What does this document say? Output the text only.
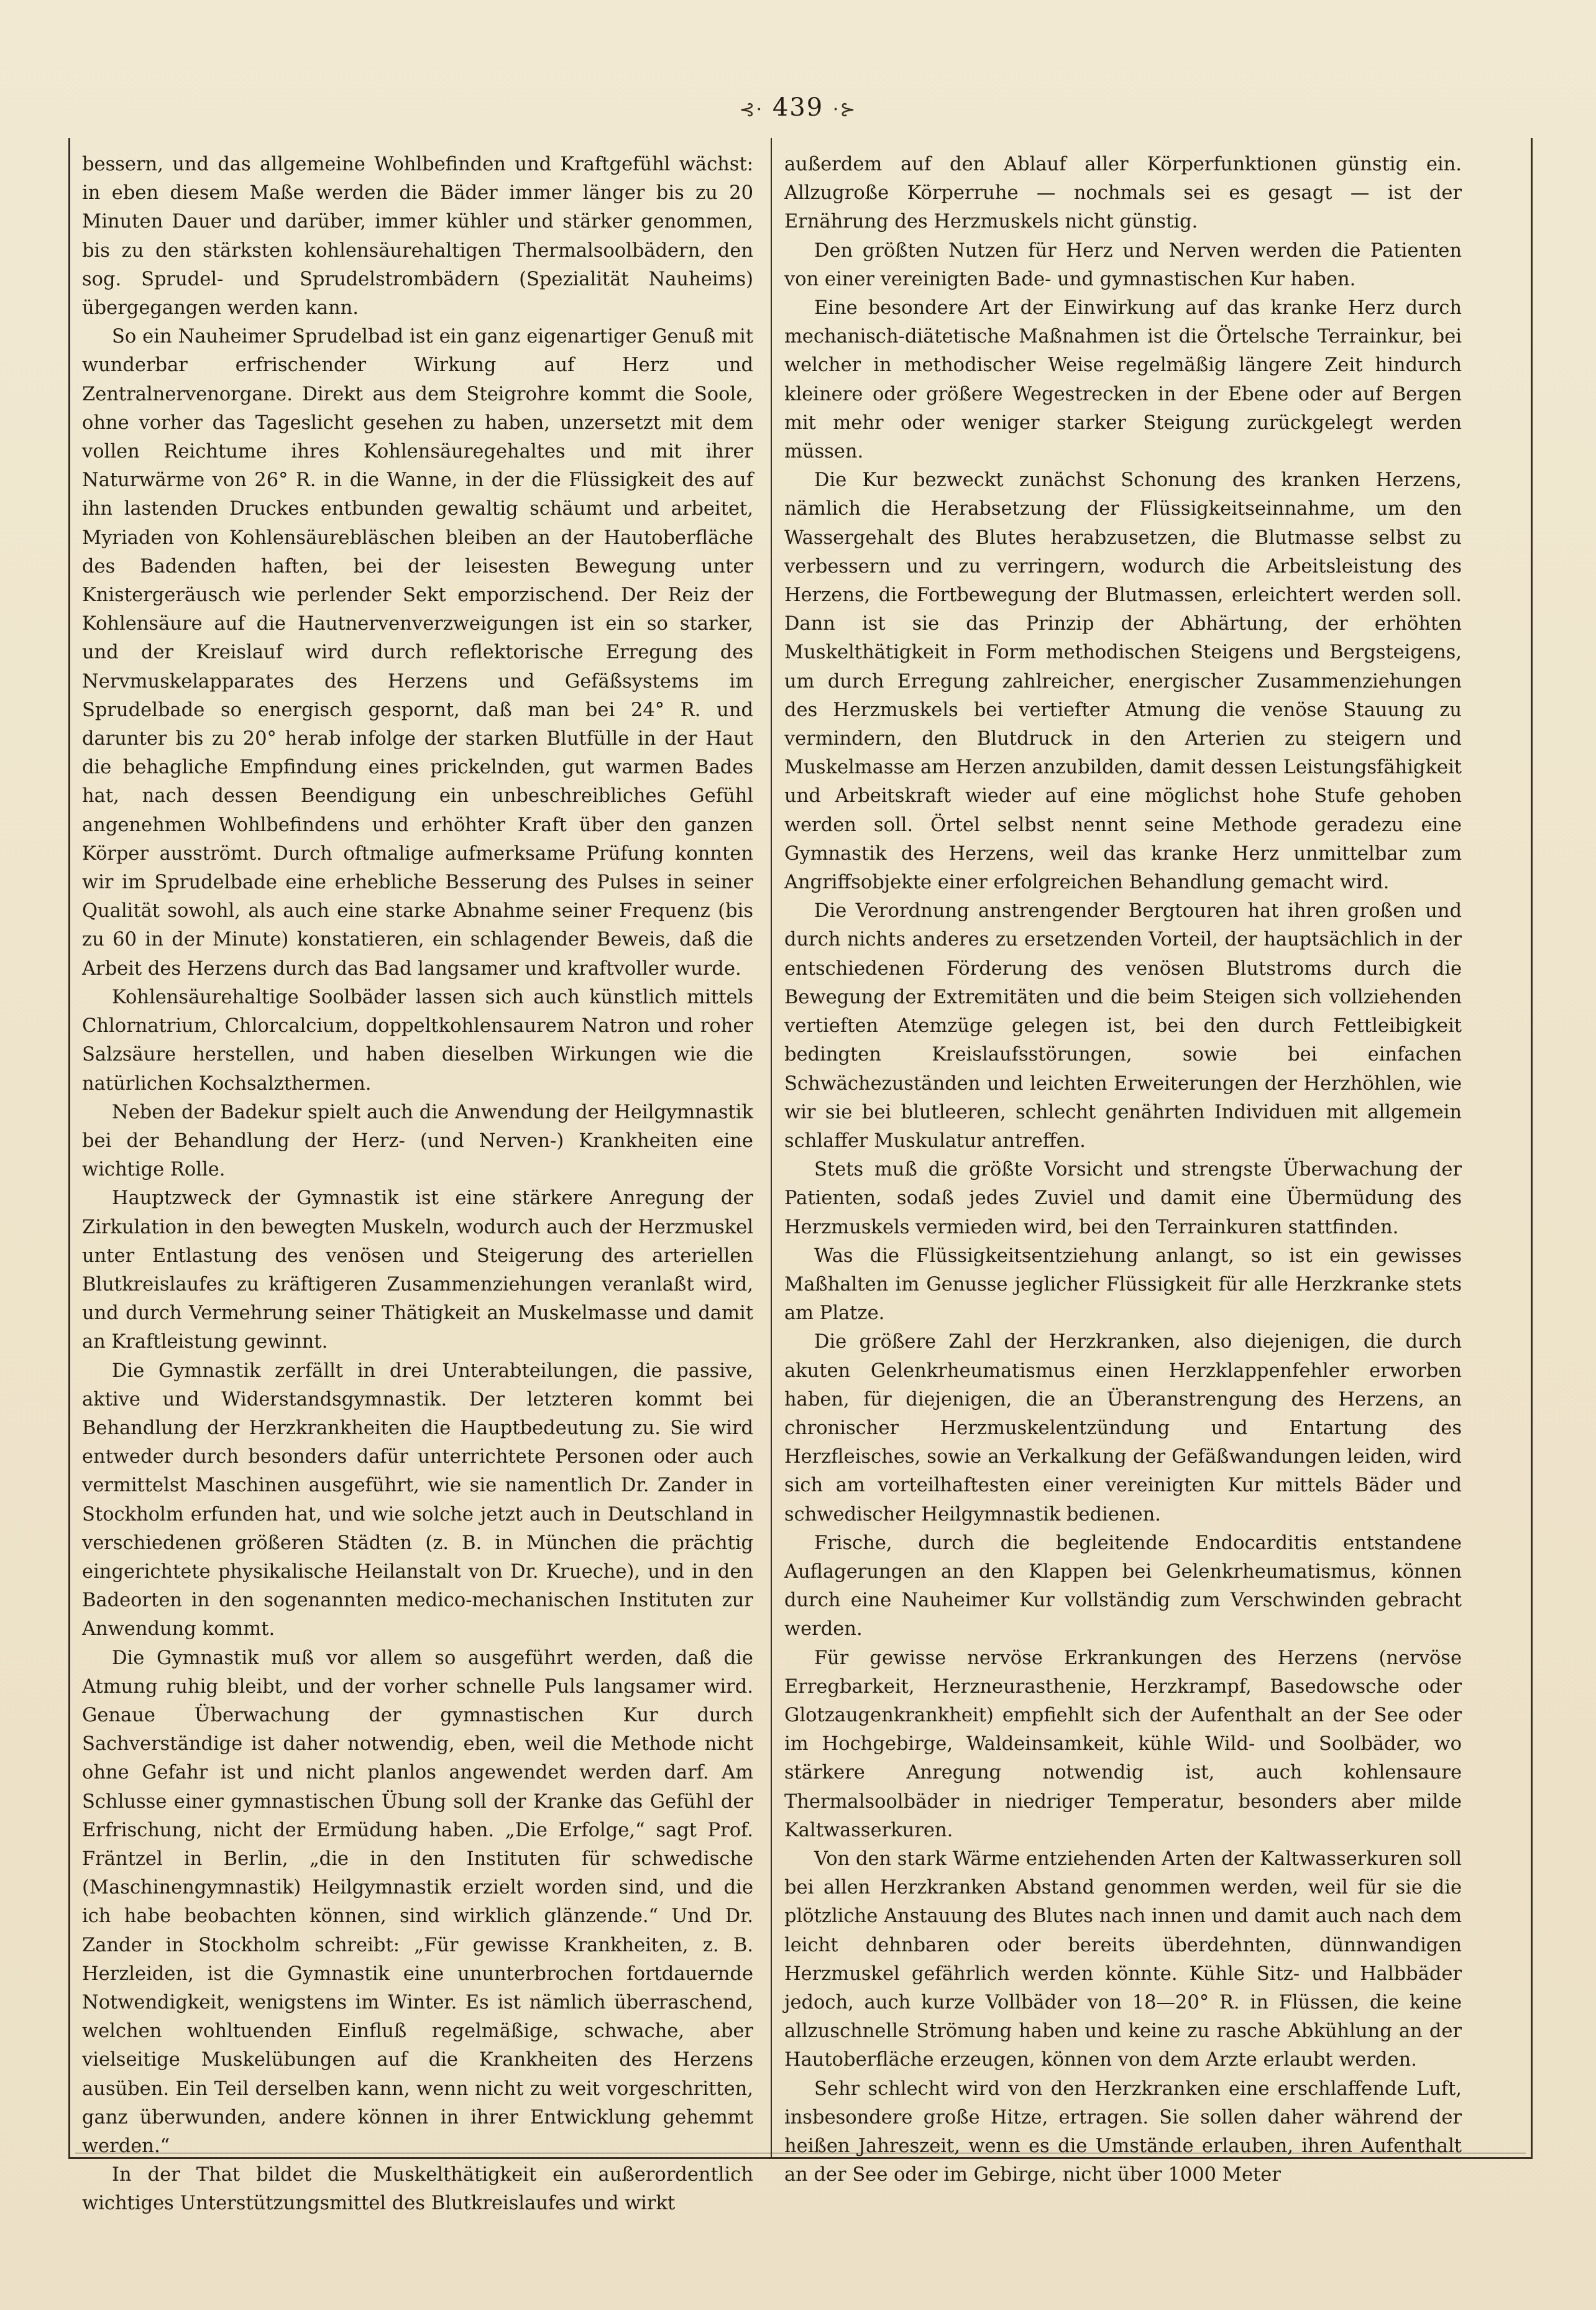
⊰· 439 ·⊱

bessern, und das allgemeine Wohlbefinden und Kraftgefühl wächst: in eben diesem Maße werden die Bäder immer länger bis zu 20 Minuten Dauer und darüber, immer kühler und stärker genommen, bis zu den stärksten kohlensäurehaltigen Thermalsoolbädern, den sog. Sprudel- und Sprudelstrombädern (Spezialität Nauheims) übergegangen werden kann.

So ein Nauheimer Sprudelbad ist ein ganz eigenartiger Genuß mit wunderbar erfrischender Wirkung auf Herz und Zentralnervenorgane. Direkt aus dem Steigrohre kommt die Soole, ohne vorher das Tageslicht gesehen zu haben, unzersetzt mit dem vollen Reichtume ihres Kohlensäuregehaltes und mit ihrer Naturwärme von 26° R. in die Wanne, in der die Flüssigkeit des auf ihn lastenden Druckes entbunden gewaltig schäumt und arbeitet, Myriaden von Kohlensäurebläschen bleiben an der Hautoberfläche des Badenden haften, bei der leisesten Bewegung unter Knistergeräusch wie perlender Sekt emporzischend. Der Reiz der Kohlensäure auf die Hautnervenverzweigungen ist ein so starker, und der Kreislauf wird durch reflektorische Erregung des Nervmuskelapparates des Herzens und Gefäßsystems im Sprudelbade so energisch gespornt, daß man bei 24° R. und darunter bis zu 20° herab infolge der starken Blutfülle in der Haut die behagliche Empfindung eines prickelnden, gut warmen Bades hat, nach dessen Beendigung ein unbeschreibliches Gefühl angenehmen Wohlbefindens und erhöhter Kraft über den ganzen Körper ausströmt. Durch oftmalige aufmerksame Prüfung konnten wir im Sprudelbade eine erhebliche Besserung des Pulses in seiner Qualität sowohl, als auch eine starke Abnahme seiner Frequenz (bis zu 60 in der Minute) konstatieren, ein schlagender Beweis, daß die Arbeit des Herzens durch das Bad langsamer und kraftvoller wurde.

Kohlensäurehaltige Soolbäder lassen sich auch künstlich mittels Chlornatrium, Chlorcalcium, doppeltkohlensaurem Natron und roher Salzsäure herstellen, und haben dieselben Wirkungen wie die natürlichen Kochsalzthermen.

Neben der Badekur spielt auch die Anwendung der Heilgymnastik bei der Behandlung der Herz- (und Nerven-) Krankheiten eine wichtige Rolle.

Hauptzweck der Gymnastik ist eine stärkere Anregung der Zirkulation in den bewegten Muskeln, wodurch auch der Herzmuskel unter Entlastung des venösen und Steigerung des arteriellen Blutkreislaufes zu kräftigeren Zusammenziehungen veranlaßt wird, und durch Vermehrung seiner Thätigkeit an Muskelmasse und damit an Kraftleistung gewinnt.

Die Gymnastik zerfällt in drei Unterabteilungen, die passive, aktive und Widerstandsgymnastik. Der letzteren kommt bei Behandlung der Herzkrankheiten die Hauptbedeutung zu. Sie wird entweder durch besonders dafür unterrichtete Personen oder auch vermittelst Maschinen ausgeführt, wie sie namentlich Dr. Zander in Stockholm erfunden hat, und wie solche jetzt auch in Deutschland in verschiedenen größeren Städten (z. B. in München die prächtig eingerichtete physikalische Heilanstalt von Dr. Krueche), und in den Badeorten in den sogenannten medico-mechanischen Instituten zur Anwendung kommt.

Die Gymnastik muß vor allem so ausgeführt werden, daß die Atmung ruhig bleibt, und der vorher schnelle Puls langsamer wird. Genaue Überwachung der gymnastischen Kur durch Sachverständige ist daher notwendig, eben, weil die Methode nicht ohne Gefahr ist und nicht planlos angewendet werden darf. Am Schlusse einer gymnastischen Übung soll der Kranke das Gefühl der Erfrischung, nicht der Ermüdung haben. „Die Erfolge,“ sagt Prof. Fräntzel in Berlin, „die in den Instituten für schwedische (Maschinengymnastik) Heilgymnastik erzielt worden sind, und die ich habe beobachten können, sind wirklich glänzende.“ Und Dr. Zander in Stockholm schreibt: „Für gewisse Krankheiten, z. B. Herzleiden, ist die Gymnastik eine ununterbrochen fortdauernde Notwendigkeit, wenigstens im Winter. Es ist nämlich überraschend, welchen wohltuenden Einfluß regelmäßige, schwache, aber vielseitige Muskelübungen auf die Krankheiten des Herzens ausüben. Ein Teil derselben kann, wenn nicht zu weit vorgeschritten, ganz überwunden, andere können in ihrer Entwicklung gehemmt werden.“

In der That bildet die Muskelthätigkeit ein außerordentlich wichtiges Unterstützungsmittel des Blutkreislaufes und wirkt

außerdem auf den Ablauf aller Körperfunktionen günstig ein. Allzugroße Körperruhe — nochmals sei es gesagt — ist der Ernährung des Herzmuskels nicht günstig.

Den größten Nutzen für Herz und Nerven werden die Patienten von einer vereinigten Bade- und gymnastischen Kur haben.

Eine besondere Art der Einwirkung auf das kranke Herz durch mechanisch-diätetische Maßnahmen ist die Örtelsche Terrainkur, bei welcher in methodischer Weise regelmäßig längere Zeit hindurch kleinere oder größere Wegestrecken in der Ebene oder auf Bergen mit mehr oder weniger starker Steigung zurückgelegt werden müssen.

Die Kur bezweckt zunächst Schonung des kranken Herzens, nämlich die Herabsetzung der Flüssigkeitseinnahme, um den Wassergehalt des Blutes herabzusetzen, die Blutmasse selbst zu verbessern und zu verringern, wodurch die Arbeitsleistung des Herzens, die Fortbewegung der Blutmassen, erleichtert werden soll. Dann ist sie das Prinzip der Abhärtung, der erhöhten Muskelthätigkeit in Form methodischen Steigens und Bergsteigens, um durch Erregung zahlreicher, energischer Zusammenziehungen des Herzmuskels bei vertiefter Atmung die venöse Stauung zu vermindern, den Blutdruck in den Arterien zu steigern und Muskelmasse am Herzen anzubilden, damit dessen Leistungsfähigkeit und Arbeitskraft wieder auf eine möglichst hohe Stufe gehoben werden soll. Örtel selbst nennt seine Methode geradezu eine Gymnastik des Herzens, weil das kranke Herz unmittelbar zum Angriffsobjekte einer erfolgreichen Behandlung gemacht wird.

Die Verordnung anstrengender Bergtouren hat ihren großen und durch nichts anderes zu ersetzenden Vorteil, der hauptsächlich in der entschiedenen Förderung des venösen Blutstroms durch die Bewegung der Extremitäten und die beim Steigen sich vollziehenden vertieften Atemzüge gelegen ist, bei den durch Fettleibigkeit bedingten Kreislaufsstörungen, sowie bei einfachen Schwächezuständen und leichten Erweiterungen der Herzhöhlen, wie wir sie bei blutleeren, schlecht genährten Individuen mit allgemein schlaffer Muskulatur antreffen.

Stets muß die größte Vorsicht und strengste Überwachung der Patienten, sodaß jedes Zuviel und damit eine Übermüdung des Herzmuskels vermieden wird, bei den Terrainkuren stattfinden.

Was die Flüssigkeitsentziehung anlangt, so ist ein gewisses Maßhalten im Genusse jeglicher Flüssigkeit für alle Herzkranke stets am Platze.

Die größere Zahl der Herzkranken, also diejenigen, die durch akuten Gelenkrheumatismus einen Herzklappenfehler erworben haben, für diejenigen, die an Überanstrengung des Herzens, an chronischer Herzmuskelentzündung und Entartung des Herzfleisches, sowie an Verkalkung der Gefäßwandungen leiden, wird sich am vorteilhaftesten einer vereinigten Kur mittels Bäder und schwedischer Heilgymnastik bedienen.

Frische, durch die begleitende Endocarditis entstandene Auflagerungen an den Klappen bei Gelenkrheumatismus, können durch eine Nauheimer Kur vollständig zum Verschwinden gebracht werden.

Für gewisse nervöse Erkrankungen des Herzens (nervöse Erregbarkeit, Herzneurasthenie, Herzkrampf, Basedowsche oder Glotzaugenkrankheit) empfiehlt sich der Aufenthalt an der See oder im Hochgebirge, Waldeinsamkeit, kühle Wild- und Soolbäder, wo stärkere Anregung notwendig ist, auch kohlensaure Thermalsoolbäder in niedriger Temperatur, besonders aber milde Kaltwasserkuren.

Von den stark Wärme entziehenden Arten der Kaltwasserkuren soll bei allen Herzkranken Abstand genommen werden, weil für sie die plötzliche Anstauung des Blutes nach innen und damit auch nach dem leicht dehnbaren oder bereits überdehnten, dünnwandigen Herzmuskel gefährlich werden könnte. Kühle Sitz- und Halbbäder jedoch, auch kurze Vollbäder von 18—20° R. in Flüssen, die keine allzuschnelle Strömung haben und keine zu rasche Abkühlung an der Hautoberfläche erzeugen, können von dem Arzte erlaubt werden.

Sehr schlecht wird von den Herzkranken eine erschlaffende Luft, insbesondere große Hitze, ertragen. Sie sollen daher während der heißen Jahreszeit, wenn es die Umstände erlauben, ihren Aufenthalt an der See oder im Gebirge, nicht über 1000 Meter
